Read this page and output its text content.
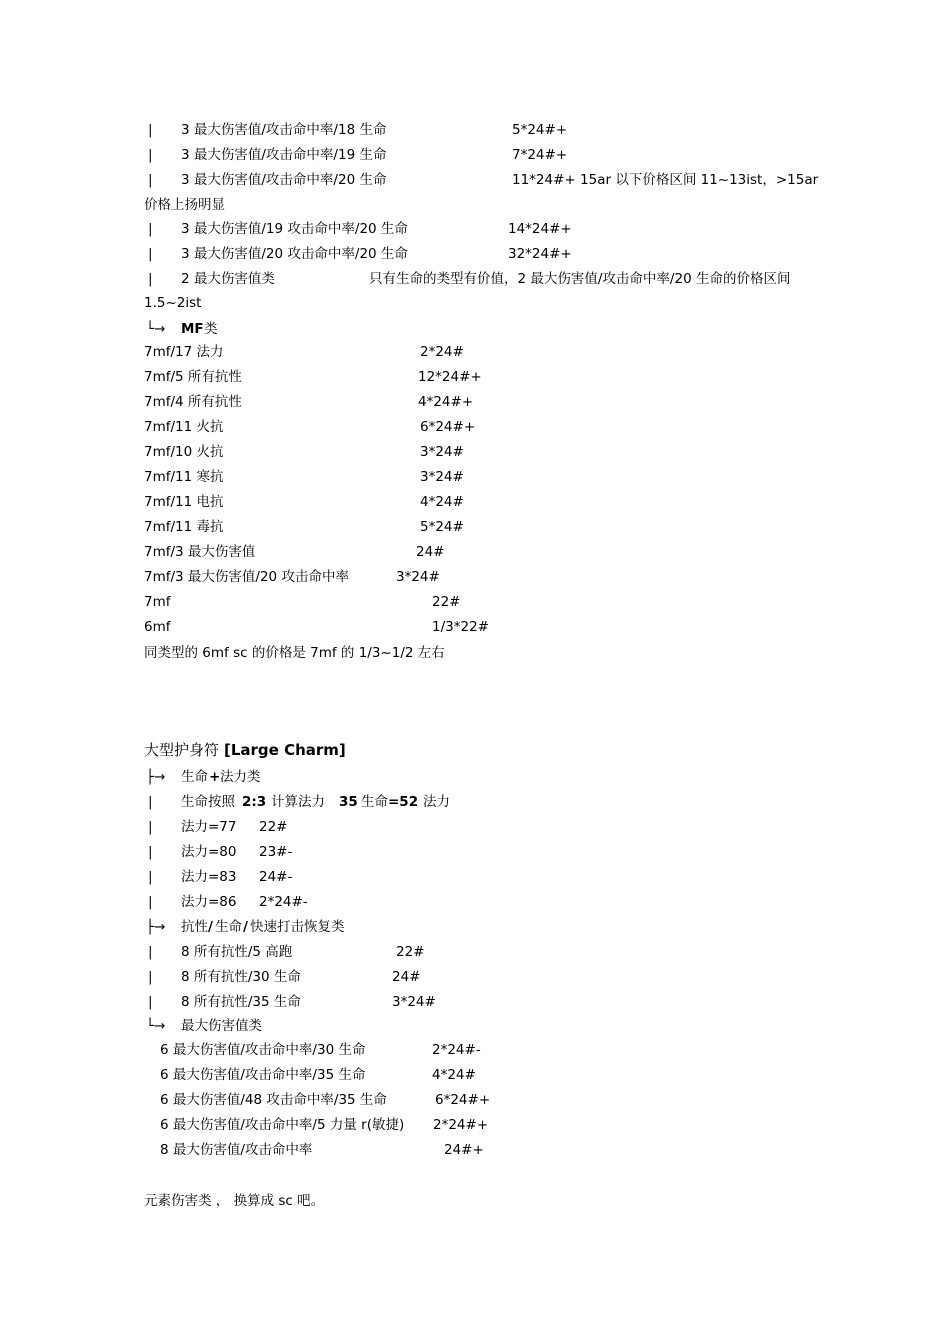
| 3 最大伤害值/攻击命中率/18 生命	5*24#+
| 3 最大伤害值/攻击命中率/19 生命	7*24#+
| 3 最大伤害值/攻击命中率/20 生命	11*24#+ 15ar 以下价格区间 11~13ist，>15ar
价格上扬明显
| 3 最大伤害值/19 攻击命中率/20 生命	14*24#+
| 3 最大伤害值/20 攻击命中率/20 生命	32*24#+
| 2 最大伤害值类	只有生命的类型有价值，2 最大伤害值/攻击命中率/20 生命的价格区间
1.5~2ist
└→ MF 类
7mf/17 法力	2*24#
7mf/5 所有抗性	12*24#+
7mf/4 所有抗性	4*24#+
7mf/11 火抗	6*24#+
7mf/10 火抗	3*24#
7mf/11 寒抗	3*24#
7mf/11 电抗	4*24#
7mf/11 毒抗	5*24#
7mf/3 最大伤害值	24#
7mf/3 最大伤害值/20 攻击命中率	3*24#
7mf	22#
6mf	1/3*22#
同类型的 6mf sc 的价格是 7mf 的 1/3~1/2 左右
大型护身符 [Large Charm]
├→ 生命 + 法力类
| 生命按照 2:3 计算法力 35 生命 =52 法力
| 法力=77 22#
| 法力=80 23#-
| 法力=83 24#-
| 法力=86 2*24#-
├→ 抗性 / 生命 / 快速打击恢复类
| 8 所有抗性/5 高跑	22#
| 8 所有抗性/30 生命	24#
| 8 所有抗性/35 生命	3*24#
└→ 最大伤害值类
6 最大伤害值/攻击命中率/30 生命	2*24#-
6 最大伤害值/攻击命中率/35 生命	4*24#
6 最大伤害值/48 攻击命中率/35 生命	6*24#+
6 最大伤害值/攻击命中率/5 力量 r(敏捷) 2*24#+
8 最大伤害值/攻击命中率	24#+
元素伤害类 ， 换算成 sc 吧。
